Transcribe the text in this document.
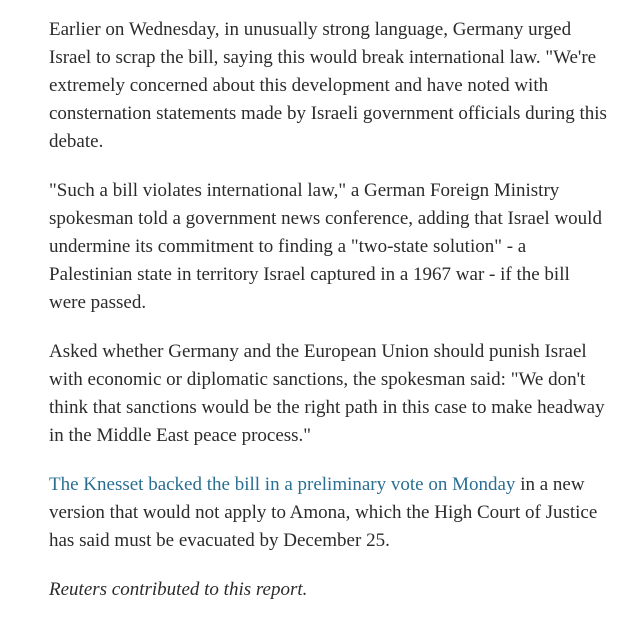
Earlier on Wednesday, in unusually strong language, Germany urged Israel to scrap the bill, saying this would break international law. "We're extremely concerned about this development and have noted with consternation statements made by Israeli government officials during this debate.

"Such a bill violates international law," a German Foreign Ministry spokesman told a government news conference, adding that Israel would undermine its commitment to finding a "two-state solution" - a Palestinian state in territory Israel captured in a 1967 war - if the bill were passed.

Asked whether Germany and the European Union should punish Israel with economic or diplomatic sanctions, the spokesman said: "We don't think that sanctions would be the right path in this case to make headway in the Middle East peace process."

The Knesset backed the bill in a preliminary vote on Monday in a new version that would not apply to Amona, which the High Court of Justice has said must be evacuated by December 25.

Reuters contributed to this report.
